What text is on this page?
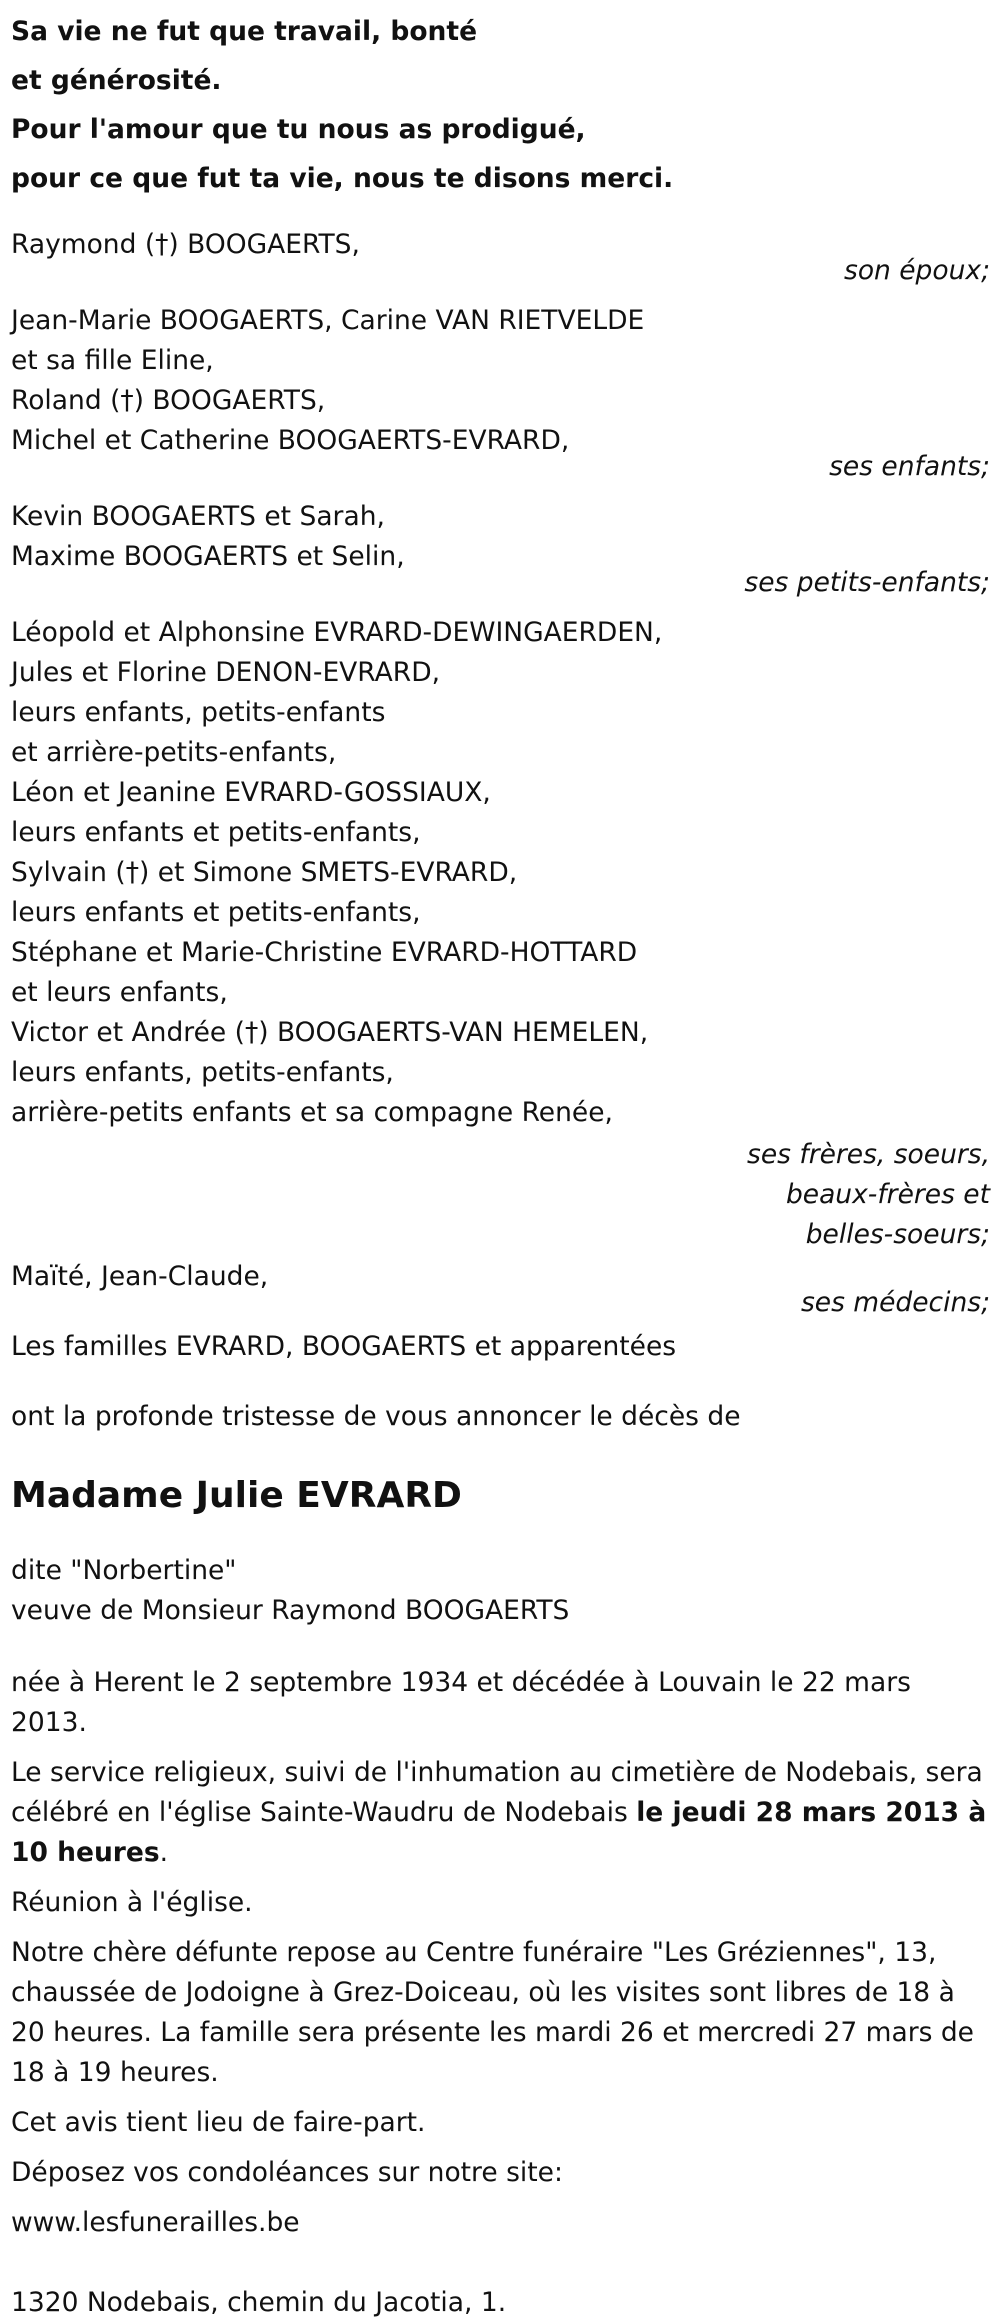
Sa vie ne fut que travail, bonté
et générosité.
Pour l'amour que tu nous as prodigué,
pour ce que fut ta vie, nous te disons merci.
Raymond (†) BOOGAERTS,
son époux;
Jean-Marie BOOGAERTS, Carine VAN RIETVELDE
et sa fille Eline,
Roland (†) BOOGAERTS,
Michel et Catherine BOOGAERTS-EVRARD,
ses enfants;
Kevin BOOGAERTS et Sarah,
Maxime BOOGAERTS et Selin,
ses petits-enfants;
Léopold et Alphonsine EVRARD-DEWINGAERDEN,
Jules et Florine DENON-EVRARD,
leurs enfants, petits-enfants
et arrière-petits-enfants,
Léon et Jeanine EVRARD-GOSSIAUX,
leurs enfants et petits-enfants,
Sylvain (†) et Simone SMETS-EVRARD,
leurs enfants et petits-enfants,
Stéphane et Marie-Christine EVRARD-HOTTARD
et leurs enfants,
Victor et Andrée (†) BOOGAERTS-VAN HEMELEN,
leurs enfants, petits-enfants,
arrière-petits enfants et sa compagne Renée,
ses frères, soeurs,
beaux-frères et
belles-soeurs;
Maïté, Jean-Claude,
ses médecins;
Les familles EVRARD, BOOGAERTS et apparentées
ont la profonde tristesse de vous annoncer le décès de
Madame Julie EVRARD
dite "Norbertine"
veuve de Monsieur Raymond BOOGAERTS
née à Herent le 2 septembre 1934 et décédée à Louvain le 22 mars 2013.
Le service religieux, suivi de l'inhumation au cimetière de Nodebais, sera célébré en l'église Sainte-Waudru de Nodebais le jeudi 28 mars 2013 à 10 heures.
Réunion à l'église.
Notre chère défunte repose au Centre funéraire "Les Gréziennes", 13, chaussée de Jodoigne à Grez-Doiceau, où les visites sont libres de 18 à 20 heures. La famille sera présente les mardi 26 et mercredi 27 mars de 18 à 19 heures.
Cet avis tient lieu de faire-part.
Déposez vos condoléances sur notre site:
www.lesfunerailles.be
1320 Nodebais, chemin du Jacotia, 1.
